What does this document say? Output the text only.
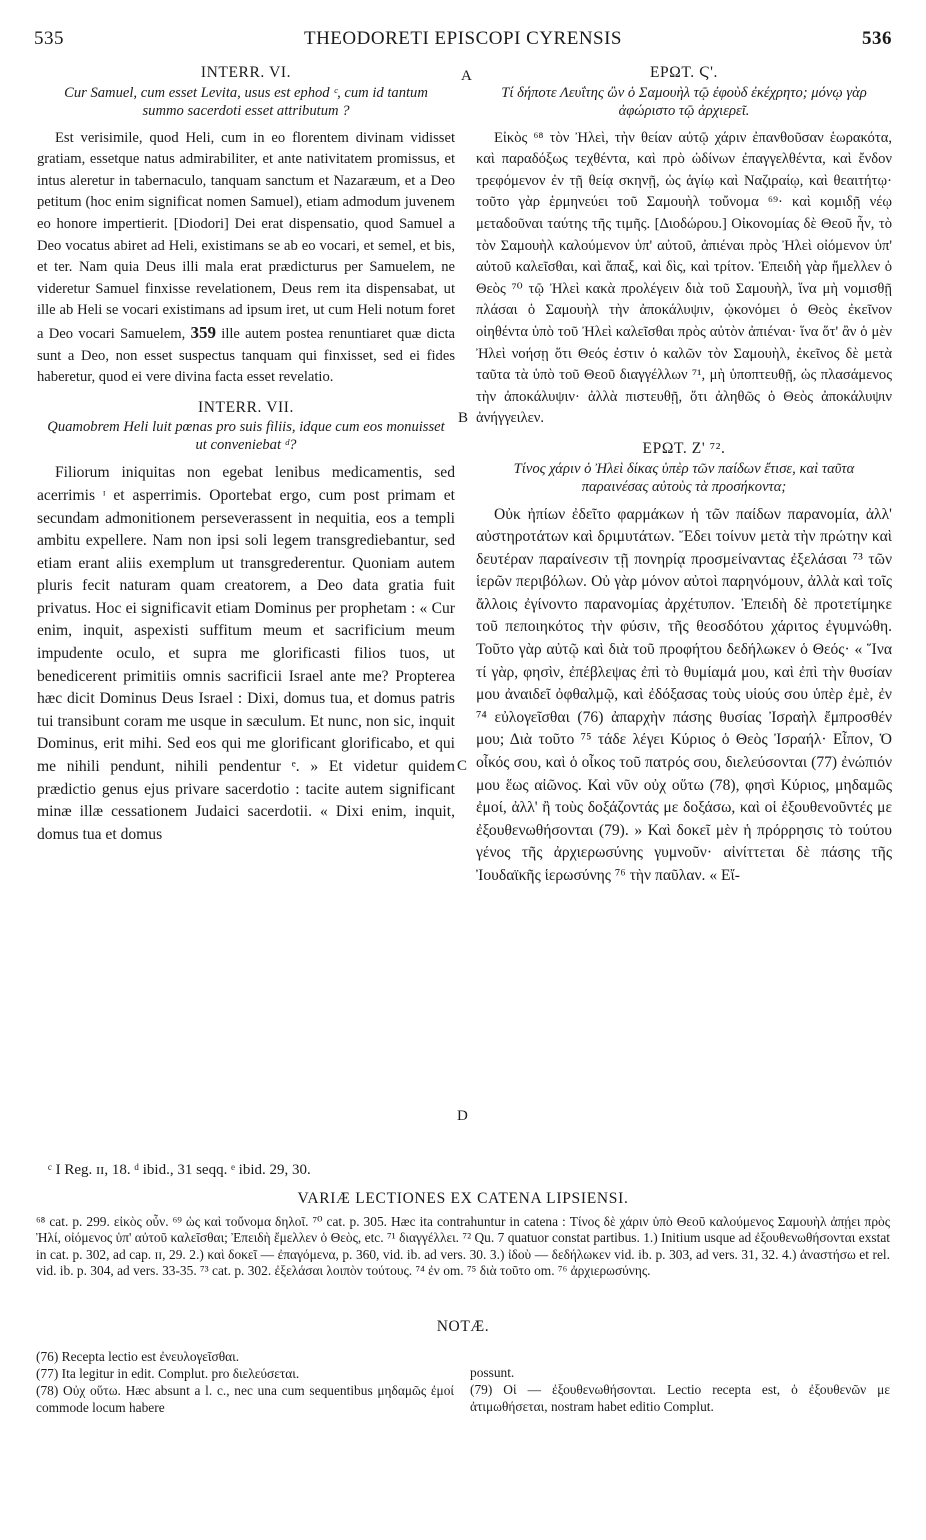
535	THEODORETI EPISCOPI CYRENSIS	536
A
B
C
D

INTERR. VI.

Cur Samuel, cum esset Levita, usus est ephod ᶜ, cum id tantum summo sacerdoti esset attributum ?

Est verisimile, quod Heli, cum in eo florentem divinam vidisset gratiam, essetque natus admirabiliter, et ante nativitatem promissus, et intus aleretur in tabernaculo, tanquam sanctum et Nazaræum, et a Deo petitum (hoc enim significat nomen Samuel), etiam admodum juvenem eo honore impertierit. [Diodori] Dei erat dispensatio, quod Samuel a Deo vocatus abiret ad Heli, existimans se ab eo vocari, et semel, et bis, et ter. Nam quia Deus illi mala erat prædicturus per Samuelem, ne videretur Samuel finxisse revelationem, Deus rem ita dispensabat, ut ille ab Heli se vocari existimans ad ipsum iret, ut cum Heli notum foret a Deo vocari Samuelem, 359 ille autem postea renuntiaret quæ dicta sunt a Deo, non esset suspectus tanquam qui finxisset, sed ei fides haberetur, quod ei vere divina facta esset revelatio.

INTERR. VII.

Quamobrem Heli luit pœnas pro suis filiis, idque cum eos monuisset ut conveniebat ᵈ?

Filiorum iniquitas non egebat lenibus medicamentis, sed acerrimis ᶦ et asperrimis. Oportebat ergo, cum post primam et secundam admonitionem perseverassent in nequitia, eos a templi ambitu expellere. Nam non ipsi soli legem transgrediebantur, sed etiam erant aliis exemplum ut transgrederentur. Quoniam autem pluris fecit naturam quam creatorem, a Deo data gratia fuit privatus. Hoc ei significavit etiam Dominus per prophetam : « Cur enim, inquit, aspexisti suffitum meum et sacrificium meum impudente oculo, et supra me glorificasti filios tuos, ut benedicerent primitiis omnis sacrificii Israel ante me? Propterea hæc dicit Dominus Deus Israel : Dixi, domus tua, et domus patris tui transibunt coram me usque in sæculum. Et nunc, non sic, inquit Dominus, erit mihi. Sed eos qui me glorificant glorificabo, et qui me nihili pendunt, nihili pendentur ᵉ. » Et videtur quidem prædictio genus ejus privare sacerdotio : tacite autem significant minæ illæ cessationem Judaici sacerdotii. « Dixi enim, inquit, domus tua et domus

ΕΡΩΤ. Ϛ'.

Τί δήποτε Λευΐτης ὢν ὁ Σαμουὴλ τῷ ἐφοὺδ ἐκέχρητο; μόνῳ γὰρ ἀφώριστο τῷ ἀρχιερεῖ.

Εἰκὸς ⁶⁸ τὸν Ἠλεὶ, τὴν θείαν αὐτῷ χάριν ἐπανθοῦσαν ἑωρακότα, καὶ παραδόξως τεχθέντα, καὶ πρὸ ὠδίνων ἐπαγγελθέντα, καὶ ἔνδον τρεφόμενον ἐν τῇ θείᾳ σκηνῇ, ὡς ἁγίῳ καὶ Ναζιραίῳ, καὶ θεαιτήτῳ· τοῦτο γὰρ ἑρμηνεύει τοῦ Σαμουὴλ τοὔνομα ⁶⁹· καὶ κομιδῇ νέῳ μεταδοῦναι ταύτης τῆς τιμῆς. [Διοδώρου.] Οἰκονομίας δὲ Θεοῦ ἦν, τὸ τὸν Σαμουὴλ καλούμενον ὑπ' αὐτοῦ, ἀπιέναι πρὸς Ἠλεὶ οἰόμενον ὑπ' αὐτοῦ καλεῖσθαι, καὶ ἅπαξ, καὶ δὶς, καὶ τρίτον. Ἐπειδὴ γὰρ ἤμελλεν ὁ Θεὸς ⁷⁰ τῷ Ἠλεὶ κακὰ προλέγειν διὰ τοῦ Σαμουὴλ, ἵνα μὴ νομισθῇ πλάσαι ὁ Σαμουὴλ τὴν ἀποκάλυψιν, ᾠκονόμει ὁ Θεὸς ἐκεῖνον οἰηθέντα ὑπὸ τοῦ Ἠλεὶ καλεῖσθαι πρὸς αὐτὸν ἀπιέναι· ἵνα ὅτ' ἂν ὁ μὲν Ἠλεὶ νοήσῃ ὅτι Θεός ἐστιν ὁ καλῶν τὸν Σαμουὴλ, ἐκεῖνος δὲ μετὰ ταῦτα τὰ ὑπὸ τοῦ Θεοῦ διαγγέλλων ⁷¹, μὴ ὑποπτευθῇ, ὡς πλασάμενος τὴν ἀποκάλυψιν· ἀλλὰ πιστευθῇ, ὅτι ἀληθῶς ὁ Θεὸς ἀποκάλυψιν ἀνήγγειλεν.

ΕΡΩΤ. Ζ' ⁷².

Τίνος χάριν ὁ Ἠλεὶ δίκας ὑπὲρ τῶν παίδων ἔτισε, καὶ ταῦτα παραινέσας αὐτοὺς τὰ προσήκοντα;

Οὐκ ἠπίων ἐδεῖτο φαρμάκων ἡ τῶν παίδων παρανομία, ἀλλ' αὐστηροτάτων καὶ δριμυτάτων. Ἔδει τοίνυν μετὰ τὴν πρώτην καὶ δευτέραν παραίνεσιν τῇ πονηρίᾳ προσμείναντας ἐξελάσαι ⁷³ τῶν ἱερῶν περιβόλων. Οὐ γὰρ μόνον αὐτοὶ παρηνόμουν, ἀλλὰ καὶ τοῖς ἄλλοις ἐγίνοντο παρανομίας ἀρχέτυπον. Ἐπειδὴ δὲ προτετίμηκε τοῦ πεποιηκότος τὴν φύσιν, τῆς θεοσδότου χάριτος ἐγυμνώθη. Τοῦτο γὰρ αὐτῷ καὶ διὰ τοῦ προφήτου δεδήλωκεν ὁ Θεός· « Ἵνα τί γὰρ, φησὶν, ἐπέβλεψας ἐπὶ τὸ θυμίαμά μου, καὶ ἐπὶ τὴν θυσίαν μου ἀναιδεῖ ὀφθαλμῷ, καὶ ἐδόξασας τοὺς υἱούς σου ὑπὲρ ἐμὲ, ἐν ⁷⁴ εὐλογεῖσθαι (76) ἀπαρχὴν πάσης θυσίας Ἰσραὴλ ἔμπροσθέν μου; Διὰ τοῦτο ⁷⁵ τάδε λέγει Κύριος ὁ Θεὸς Ἰσραήλ· Εἶπον, Ὁ οἶκός σου, καὶ ὁ οἶκος τοῦ πατρός σου, διελεύσονται (77) ἐνώπιόν μου ἕως αἰῶνος. Καὶ νῦν οὐχ οὕτω (78), φησὶ Κύριος, μηδαμῶς ἐμοί, ἀλλ' ἢ τοὺς δοξάζοντάς με δοξάσω, καὶ οἱ ἐξουθενοῦντές με ἐξουθενωθήσονται (79). » Καὶ δοκεῖ μὲν ἡ πρόρρησις τὸ τούτου γένος τῆς ἀρχιερωσύνης γυμνοῦν· αἰνίττεται δὲ πάσης τῆς Ἰουδαϊκῆς ἱερωσύνης ⁷⁶ τὴν παῦλαν. « Εἴ-

ᶜ I Reg. ɪɪ, 18. ᵈ ibid., 31 seqq. ᵉ ibid. 29, 30.
VARIÆ LECTIONES EX CATENA LIPSIENSI.
⁶⁸ cat. p. 299. εἰκὸς οὖν. ⁶⁹ ὡς καὶ τοὔνομα δηλοῖ. ⁷⁰ cat. p. 305. Hæc ita contrahuntur in catena : Τίνος δὲ χάριν ὑπὸ Θεοῦ καλούμενος Σαμουὴλ ἀπῄει πρὸς Ἠλί, οἰόμενος ὑπ' αὐτοῦ καλεῖσθαι; Ἐπειδὴ ἔμελλεν ὁ Θεὸς, etc. ⁷¹ διαγγέλλει. ⁷² Qu. 7 quatuor constat partibus. 1.) Initium usque ad ἐξουθενωθήσονται exstat in cat. p. 302, ad cap. ɪɪ, 29. 2.) καὶ δοκεῖ — ἐπαγόμενα, p. 360, vid. ib. ad vers. 30. 3.) ἰδοὺ — δεδήλωκεν vid. ib. p. 303, ad vers. 31, 32. 4.) ἀναστήσω et rel. vid. ib. p. 304, ad vers. 33-35. ⁷³ cat. p. 302. ἐξελάσαι λοιπὸν τούτους. ⁷⁴ ἐν om. ⁷⁵ διὰ τοῦτο om. ⁷⁶ ἀρχιερωσύνης.
NOTÆ.

(76) Recepta lectio est ἐνευλογεῖσθαι.

(77) Ita legitur in edit. Complut. pro διελεύσεται.

(78) Οὐχ οὕτω. Hæc absunt a l. c., nec una cum sequentibus μηδαμῶς ἐμοί commode locum habere

possunt.

(79) Οἱ — ἐξουθενωθήσονται. Lectio recepta est, ὁ ἐξουθενῶν με ἀτιμωθήσεται, nostram habet editio Complut.
